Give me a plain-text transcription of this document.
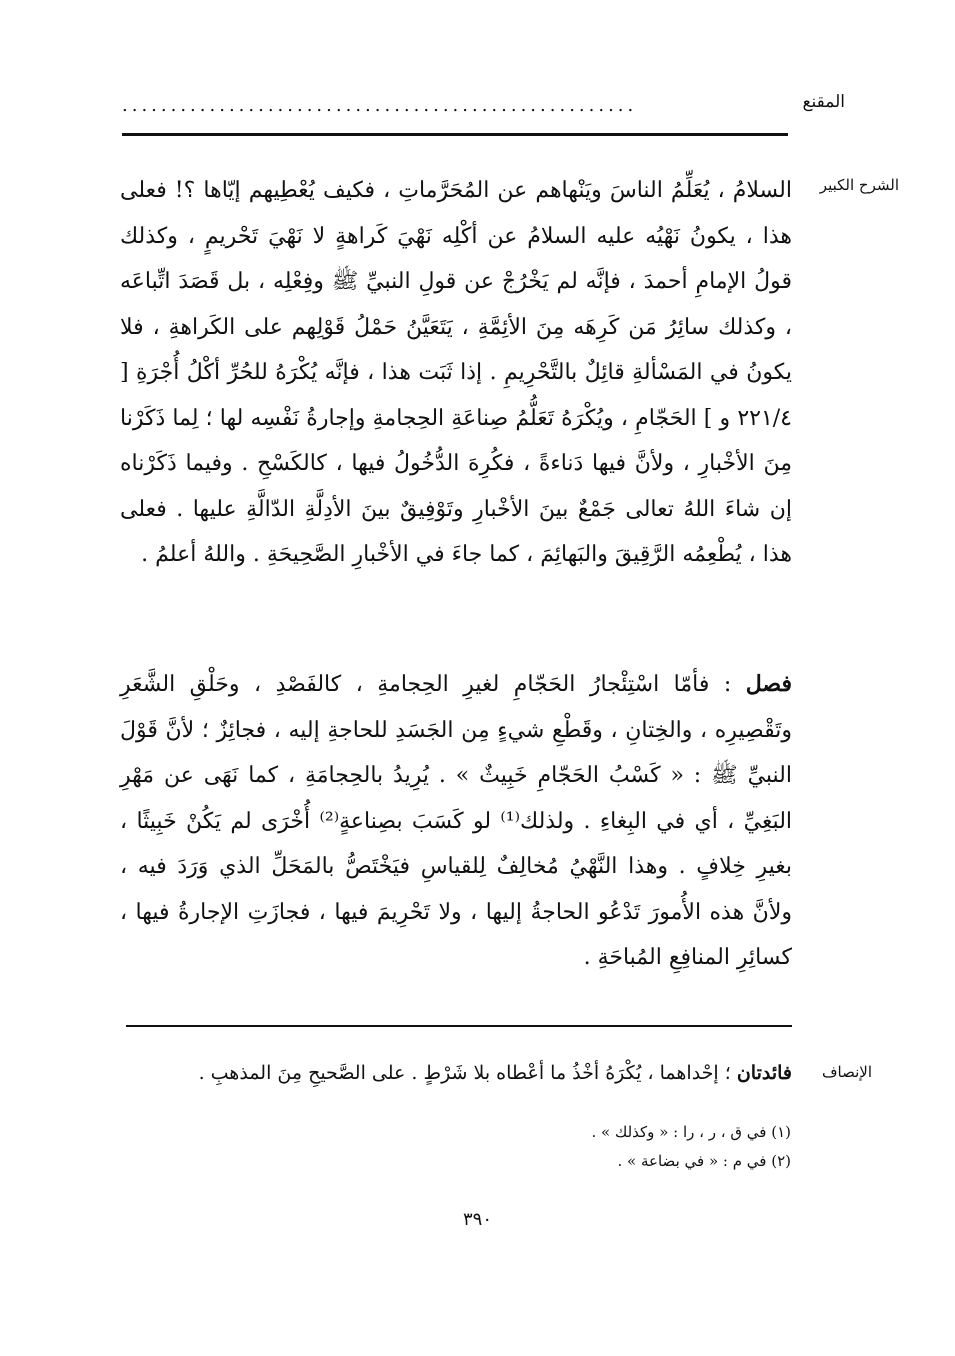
المقنع
.....................................................
الشرح الكبير
السلامُ ، يُعَلِّمُ الناسَ ويَنْهاهم عن المُحَرَّماتِ ، فكيف يُعْطِيهم إيّاها ؟! فعلى هذا ، يكونُ نَهْيُه عليه السلامُ عن أكْلِه نَهْيَ كَراهةٍ لا نَهْيَ تَحْريمٍ ، وكذلك قولُ الإمامِ أحمدَ ، فإنَّه لم يَخْرُجْ عن قولِ النبيِّ ﷺ وفِعْلِه ، بل قَصَدَ اتِّباعَه ، وكذلك سائِرُ مَن كَرِهَه مِنَ الأئِمَّةِ ، يَتَعَيَّنُ حَمْلُ قَوْلِهم على الكَراهةِ ، فلا يكونُ في المَسْألةِ قائِلٌ بالتَّحْرِيمِ . إذا ثَبَت هذا ، فإنَّه يُكْرَهُ للحُرِّ أكْلُ أُجْرَةِ [ ٢٢١/٤ و ] الحَجّامِ ، ويُكْرَهُ تَعَلُّمُ صِناعَةِ الحِجامةِ وإجارةُ نَفْسِه لها ؛ لِما ذَكَرْنا مِنَ الأخْبارِ ، ولأنَّ فيها دَناءةً ، فكُرِهَ الدُّخُولُ فيها ، كالكَسْحِ . وفيما ذَكَرْناه إن شاءَ اللهُ تعالى جَمْعٌ بينَ الأخْبارِ وتَوْفِيقٌ بينَ الأدِلَّةِ الدّالَّةِ عليها . فعلى هذا ، يُطْعِمُه الرَّقِيقَ والبَهائِمَ ، كما جاءَ في الأخْبارِ الصَّحِيحَةِ . واللهُ أعلمُ .
فصل : فأمّا اسْتِئْجارُ الحَجّامِ لغيرِ الحِجامةِ ، كالفَصْدِ ، وحَلْقِ الشَّعَرِ وتَقْصِيرِه ، والخِتانِ ، وقَطْعِ شيءٍ مِن الجَسَدِ للحاجةِ إليه ، فجائِزٌ ؛ لأنَّ قَوْلَ النبيِّ ﷺ : « كَسْبُ الحَجّامِ خَبِيثٌ » . يُرِيدُ بالحِجامَةِ ، كما نَهَى عن مَهْرِ البَغِيِّ ، أي في البِغاءِ . ولذلك⁽¹⁾ لو كَسَبَ بصِناعةٍ⁽²⁾ أُخْرَى لم يَكُنْ خَبِيثًا ، بغيرِ خِلافٍ . وهذا النَّهْيُ مُخالِفٌ لِلقياسِ فيَخْتَصُّ بالمَحَلِّ الذي وَرَدَ فيه ، ولأنَّ هذه الأُمورَ تَدْعُو الحاجةُ إليها ، ولا تَحْرِيمَ فيها ، فجازَتِ الإجارةُ فيها ، كسائِرِ المنافِعِ المُباحَةِ .
الإنصاف
فائدتان ؛ إحْداهما ، يُكْرَهُ أخْذُ ما أعْطاه بلا شَرْطٍ . على الصَّحيحِ مِنَ المذهبِ .
(١) في ق ، ر ، را : « وكذلك » .
(٢) في م : « في بضاعة » .
٣٩٠
